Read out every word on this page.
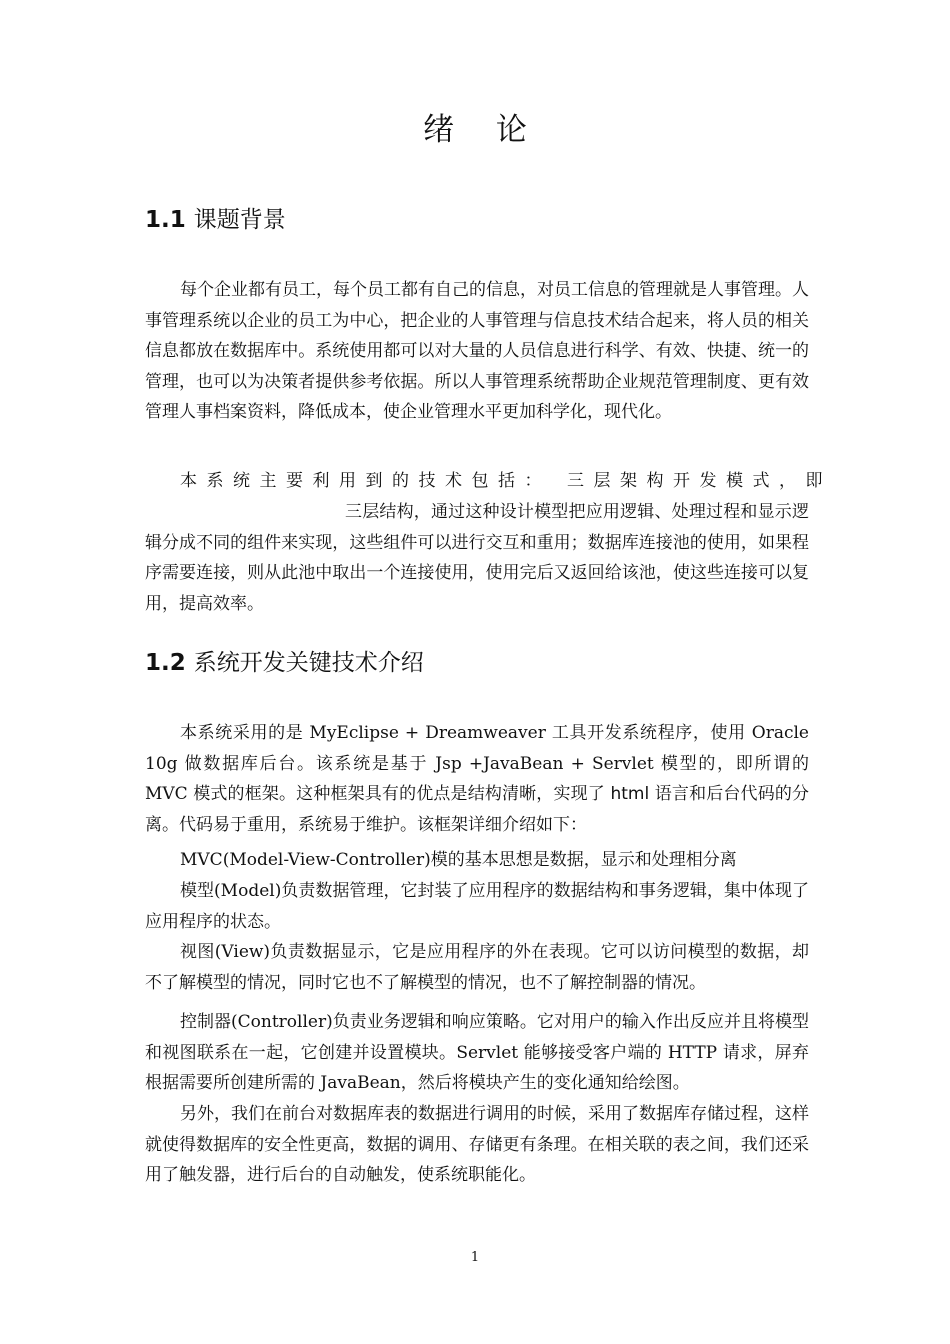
绪 论
1.1 课题背景

每个企业都有员工，每个员工都有自己的信息，对员工信息的管理就是人事管理。人事管理系统以企业的员工为中心，把企业的人事管理与信息技术结合起来，将人员的相关信息都放在数据库中。系统使用都可以对大量的人员信息进行科学、有效、快捷、统一的管理，也可以为决策者提供参考依据。所以人事管理系统帮助企业规范管理制度、更有效管理人事档案资料，降低成本，使企业管理水平更加科学化，现代化。

本系统主要利用到的技术包括： 三层架构开发模式，即

三层结构，通过这种设计模型把应用逻辑、处理过程和显示逻辑分成不同的组件来实现，这些组件可以进行交互和重用；数据库连接池的使用，如果程序需要连接，则从此池中取出一个连接使用，使用完后又返回给该池，使这些连接可以复用，提高效率。

1.2 系统开发关键技术介绍

本系统采用的是 MyEclipse + Dreamweaver 工具开发系统程序，使用 Oracle 10g 做数据库后台。该系统是基于 Jsp +JavaBean + Servlet 模型的，即所谓的 MVC 模式的框架。这种框架具有的优点是结构清晰，实现了 html 语言和后台代码的分离。代码易于重用，系统易于维护。该框架详细介绍如下：

MVC(Model-View-Controller)模的基本思想是数据，显示和处理相分离

模型(Model)负责数据管理，它封装了应用程序的数据结构和事务逻辑，集中体现了应用程序的状态。

视图(View)负责数据显示，它是应用程序的外在表现。它可以访问模型的数据，却不了解模型的情况，同时它也不了解模型的情况，也不了解控制器的情况。

控制器(Controller)负责业务逻辑和响应策略。它对用户的输入作出反应并且将模型和视图联系在一起，它创建并设置模块。Servlet 能够接受客户端的 HTTP 请求，屏弃根据需要所创建所需的 JavaBean，然后将模块产生的变化通知给绘图。

另外，我们在前台对数据库表的数据进行调用的时候，采用了数据库存储过程，这样就使得数据库的安全性更高，数据的调用、存储更有条理。在相关联的表之间，我们还采用了触发器，进行后台的自动触发，使系统职能化。

1
